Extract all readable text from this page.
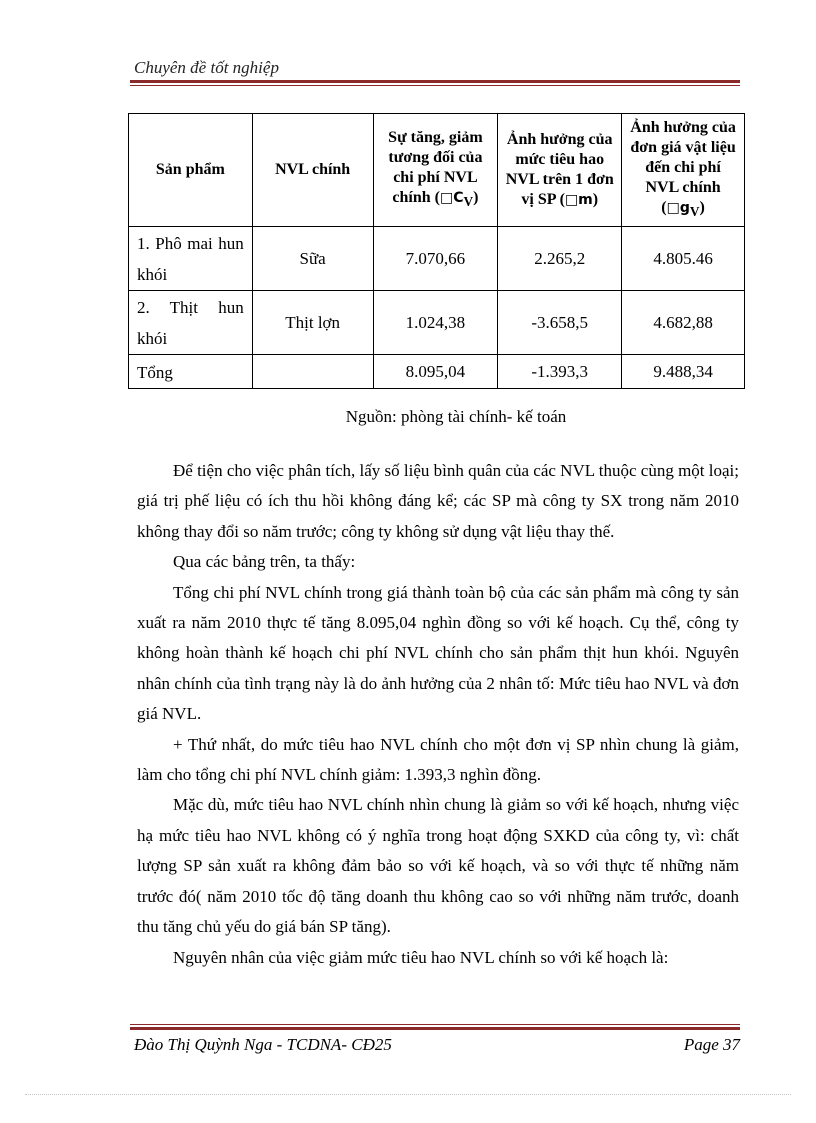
Chuyên đề tốt nghiệp
Sản phẩm	NVL chính	Sự tăng, giảm tương đối của chi phí NVL chính $(□C_V)$	Ảnh hưởng của mức tiêu hao NVL trên 1 đơn vị SP (□m)	Ảnh hưởng của đơn giá vật liệu đến chi phí NVL chính $(□g_V)$
1. Phô mai hun khói	Sữa	7.070,66	2.265,2	4.805.46
2. Thịt hun khói	Thịt lợn	1.024,38	-3.658,5	4.682,88
Tổng		8.095,04	-1.393,3	9.488,34
Nguồn: phòng tài chính- kế toán

Để tiện cho việc phân tích, lấy số liệu bình quân của các NVL thuộc cùng một loại; giá trị phế liệu có ích thu hồi không đáng kể; các SP mà công ty SX trong năm 2010 không thay đổi so năm trước; công ty không sử dụng vật liệu thay thế.

Qua các bảng trên, ta thấy:

Tổng chi phí NVL chính trong giá thành toàn bộ của các sản phẩm mà công ty sản xuất ra năm 2010 thực tế tăng 8.095,04 nghìn đồng so với kế hoạch. Cụ thể, công ty không hoàn thành kế hoạch chi phí NVL chính cho sản phẩm thịt hun khói. Nguyên nhân chính của tình trạng này là do ảnh hưởng của 2 nhân tố: Mức tiêu hao NVL và đơn giá NVL.

+ Thứ nhất, do mức tiêu hao NVL chính cho một đơn vị SP nhìn chung là giảm, làm cho tổng chi phí NVL chính giảm: 1.393,3 nghìn đồng.

Mặc dù, mức tiêu hao NVL chính nhìn chung là giảm so với kế hoạch, nhưng việc hạ mức tiêu hao NVL không có ý nghĩa trong hoạt động SXKD của công ty, vì: chất lượng SP sản xuất ra không đảm bảo so với kế hoạch, và so với thực tế những năm trước đó( năm 2010 tốc độ tăng doanh thu không cao so với những năm trước, doanh thu tăng chủ yếu do giá bán SP tăng).

Nguyên nhân của việc giảm mức tiêu hao NVL chính so với kế hoạch là:

Đào Thị Quỳnh Nga - TCDNA- CĐ25	Page 37
